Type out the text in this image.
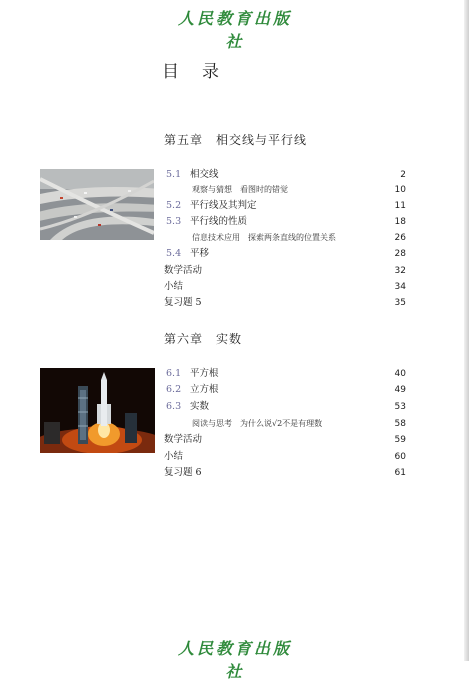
人民教育出版社
目　录
第五章　相交线与平行线
5.1 相交线	2
观察与猜想　看图时的错觉	10
5.2 平行线及其判定	11
5.3 平行线的性质	18
信息技术应用　探索两条直线的位置关系	26
5.4 平移	28
数学活动	32
小结	34
复习题 5	35
第六章　实数
6.1 平方根	40
6.2 立方根	49
6.3 实数	53
阅读与思考　为什么说√2不是有理数	58
数学活动	59
小结	60
复习题 6	61
人民教育出版社
